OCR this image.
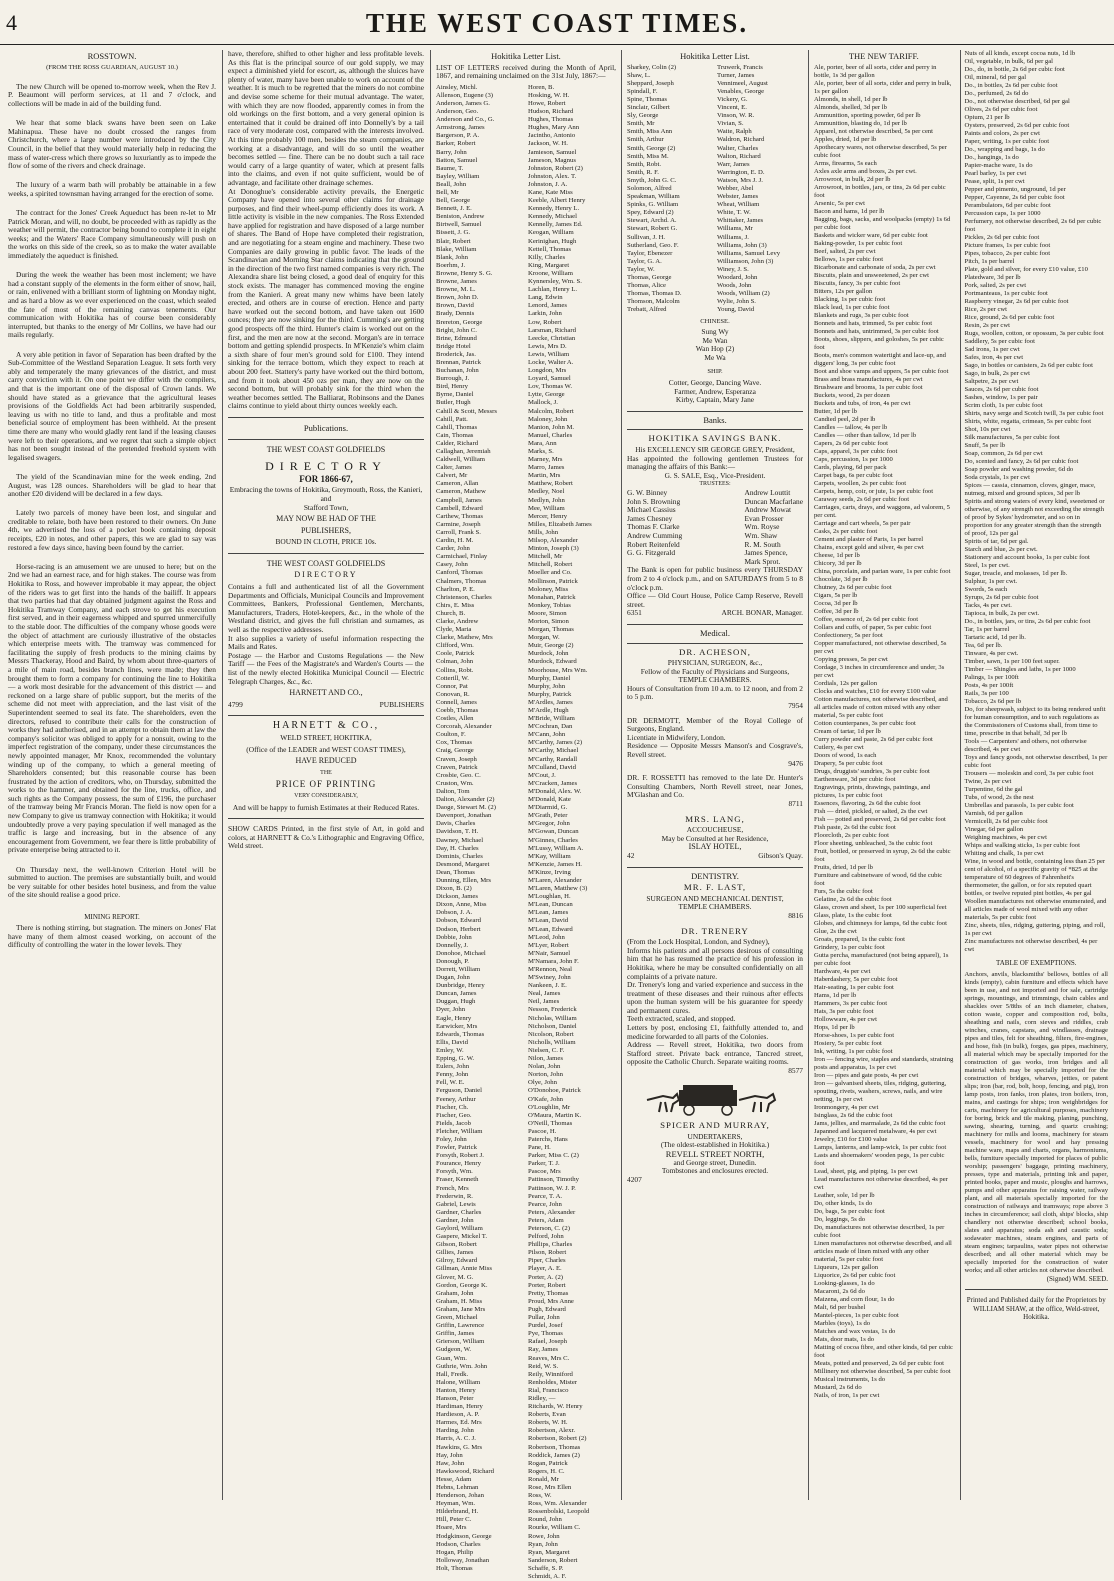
4	THE WEST COAST TIMES.
ROSSTOWN.
(FROM THE ROSS GUARDIAN, AUGUST 10.)

The new Church will be opened to-morrow week, when the Rev J. P. Beaumont will perform services, at 11 and 7 o'clock, and collections will be made in aid of the building fund.

We hear that some black swans have been seen on Lake Mahinapua. These have no doubt crossed the ranges from Christchurch, where a large number were introduced by the City Council, in the belief that they would materially help in reducing the mass of water-cress which there grows so luxuriantly as to impede the flow of some of the rivers and check drainage.

The luxury of a warm bath will probably be attainable in a few weeks, a spirited townsman having arranged for the erection of some.

The contract for the Jones' Creek Aqueduct has been re-let to Mr Patrick Moran, and will, no doubt, be proceeded with as rapidly as the weather will permit, the contractor being bound to complete it in eight weeks; and the Waters' Race Company simultaneously will push on the works on this side of the creek, so as to make the water available immediately the aqueduct is finished.

During the week the weather has been most inclement; we have had a constant supply of the elements in the form either of snow, hail, or rain, enlivened with a brilliant storm of lightning on Monday night, and as hard a blow as we ever experienced on the coast, which sealed the fate of most of the remaining canvas tenements. Our communication with Hokitika has of course been considerably interrupted, but thanks to the energy of Mr Collins, we have had our mails regularly.

A very able petition in favor of Separation has been drafted by the Sub-Committee of the Westland Separation League. It sets forth very ably and temperately the many grievances of the district, and must carry conviction with it. On one point we differ with the compilers, and that is the important one of the disposal of Crown lands. We should have stated as a grievance that the agricultural leases provisions of the Goldfields Act had been arbitrarily suspended, leaving us with no title to land, and thus a profitable and most beneficial source of employment has been withheld. At the present time there are many who would gladly rent land if the leasing clauses were left to their operations, and we regret that such a simple object has not been sought instead of the pretended freehold system with legalised swagers.

The yield of the Scandinavian mine for the week ending, 2nd August, was 128 ounces. Shareholders will be glad to hear that another £20 dividend will be declared in a few days.

Lately two parcels of money have been lost, and singular and creditable to relate, both have been restored to their owners. On June 4th, we advertised the loss of a pocket book containing deposit receipts, £20 in notes, and other papers, this we are glad to say was restored a few days since, having been found by the carrier.

Horse-racing is an amusement we are unused to here; but on the 2nd we had an earnest race, and for high stakes. The course was from Hokitika to Ross, and however improbable it may appear, the object of the riders was to get first into the hands of the bailiff. It appears that two parties had that day obtained judgment against the Ross and Hokitika Tramway Company, and each strove to get his execution first served, and in their eagerness whipped and spurred unmercifully to the stable door. The difficulties of the company whose goods were the object of attachment are curiously illustrative of the obstacles which enterprise meets with. The tramway was commenced for facilitating the supply of fresh products to the mining claims by Messrs Thackeray, Hood and Baird, by whom about three-quarters of a mile of main road, besides branch lines, were made; they then brought them to form a company for continuing the line to Hokitika — a work most desirable for the advancement of this district — and reckoned on a large share of public support, but the merits of the scheme did not meet with appreciation, and the last visit of the Superintendent seemed to seal its fate. The shareholders, even the directors, refused to contribute their calls for the construction of works they had authorised, and in an attempt to obtain them at law the company's solicitor was obliged to apply for a nonsuit, owing to the imperfect registration of the company, under these circumstances the newly appointed manager, Mr Knox, recommended the voluntary winding up of the company, to which a general meeting of Shareholders consented; but this reasonable course has been frustrated by the action of creditors, who, on Thursday, submitted the works to the hammer, and obtained for the line, trucks, office, and such rights as the Company possess, the sum of £196, the purchaser of the tramway being Mr Francis Moran. The field is now open for a new Company to give us tramway connection with Hokitika; it would undoubtedly prove a very paying speculation if well managed as the traffic is large and increasing, but in the absence of any encouragement from Government, we fear there is little probability of private enterprise being attracted to it.

On Thursday next, the well-known Criterion Hotel will be submitted to auction. The premises are substantially built, and would be very suitable for other besides hotel business, and from the value of the site should realise a good price.

MINING REPORT.
There is nothing stirring, but stagnation. The miners on Jones' Flat have many of them almost ceased working, on account of the difficulty of controlling the water in the lower levels. They
have, therefore, shifted to other higher and less profitable levels. As this flat is the principal source of our gold supply, we may expect a diminished yield for escort, as, although the sluices have plenty of water, many have been unable to work on account of the weather. It is much to be regretted that the miners do not combine and devise some scheme for their mutual advantage. The water, with which they are now flooded, apparently comes in from the old workings on the first bottom, and a very general opinion is entertained that it could be drained off into Donnelly's by a tail race of very moderate cost, compared with the interests involved. At this time probably 100 men, besides the steam companies, are working at a disadvantage, and will do so until the weather becomes settled — fine. There can be no doubt such a tail race would carry of a large quantity of water, which at present falls into the claims, and even if not quite sufficient, would be of advantage, and facilitate other drainage schemes.
At Donoghue's considerable activity prevails, the Energetic Company have opened into several other claims for drainage purposes, and find their wheel-pump efficiently does its work. A little activity is visible in the new companies. The Ross Extended have applied for registration and have disposed of a large number of shares. The Band of Hope have completed their registration, and are negotiating for a steam engine and machinery. These two Companies are daily growing in public favor. The leads of the Scandinavian and Morning Star claims indicating that the ground in the direction of the two first named companies is very rich. The Alexandra share list being closed, a good deal of enquiry for this stock exists. The manager has commenced moving the engine from the Kanieri. A great many new whims have been lately erected, and others are in course of erection. Hence and party have worked out the second bottom, and have taken out 1600 ounces; they are now sinking for the third. Cumming's are getting good prospects off the third. Hunter's claim is worked out on the first, and the men are now at the second. Morgan's are in terrace bottom and getting splendid prospects. In M'Kenzie's whim claim a sixth share of four men's ground sold for £100. They intend sinking for the terrace bottom, which they expect to reach at about 200 feet. Stattery's party have worked out the third bottom, and from it took about 450 ozs per man, they are now on the second bottom, but will probably sink for the third when the weather becomes settled. The Balliarat, Robinsons and the Danes claims continue to yield about thirty ounces weekly each.
Publications.
THE WEST COAST GOLDFIELDS
DIRECTORY
FOR 1866-67,
Embracing the towns of Hokitika, Greymouth, Ross, the Kanieri, and
Stafford Town,
MAY NOW BE HAD OF THE
PUBLISHERS,
BOUND IN CLOTH, PRICE 10s.
THE WEST COAST GOLDFIELDS
DIRECTORY
Contains a full and authenticated list of all the Government Departments and Officials, Municipal Councils and Improvement Committees, Bankers, Professional Gentlemen, Merchants, Manufacturers, Traders, Hotel-keepers, &c., in the whole of the Westland district, and gives the full christian and surnames, as well as the respective addresses.
It also supplies a variety of useful information respecting the Mails and Rates.
Postage — the Harbor and Customs Regulations — the New Tariff — the Fees of the Magistrate's and Warden's Courts — the list of the newly elected Hokitika Municipal Council — Electric Telegraph Charges, &c., &c.
HARNETT AND CO.,
4799	PUBLISHERS
HARNETT & CO.,
WELD STREET, HOKITIKA,
(Office of the LEADER and WEST COAST TIMES),
HAVE REDUCED
THE
PRICE OF PRINTING
VERY CONSIDERABLY,
And will be happy to furnish Estimates at their Reduced Rates.
SHOW CARDS Printed, in the first style of Art, in gold and colors, at HARNETT & Co.'s Lithographic and Engraving Office, Weld street.
Hokitika Letter List.
LIST OF LETTERS received during the Month of April, 1867, and remaining unclaimed on the 31st July, 1867:—
Ainsley, Michl.
Allenson, Eugene (3)
Anderson, James G.
Anderson, Geo.
Anderson and Co., G.
Armstrong, James
Bargerson, P. A.
Barker, Robert
Barry, John
Batton, Samuel
Baume, T.
Bayley, William
Beall, John
Bell, Mr
Bell, George
Bennett, J. E.
Beniston, Andrew
Birtwell, Samuel
Bissett, J. G.
Blair, Robert
Blake, William
Blank, John
Boerhm, J.
Browne, Henry S. G.
Browne, James
Browne, M. L.
Brown, John D.
Brown, David
Brady, Dennis
Brereton, George
Bright, John C.
Brine, Edmund
Bridge Hotel
Broderick, Jas.
Brennan, Patrick
Buchanan, John
Burrough, J.
Bird, Henry
Byrne, Daniel
Butler, Hugh
Cahill & Scott, Messrs
Cahill, Patt.
Cahill, Thomas
Cain, Thomas
Calder, Richard
Callaghan, Jeremiah
Caldwell, William
Calter, James
Calvert, Mr
Cameron, Allan
Cameron, Mathew
Campbell, James
Cambell, Edward
Carthew, Thomas
Carmine, Joseph
Carroll, Frank S.
Cardin, H. M.
Carder, John
Carmichael, Finlay
Casey, John
Canford, Thomas
Chalmers, Thomas
Charlton, P. E.
Christenson, Charles
Chirs, E. Miss
Church, B.
Clarke, Andrew
Clyde, Maria
Clarke, Mathew, Mrs
Clifford, Wm.
Coole, Patrick
Colman, John
Collins, Robt.
Cotterill, W.
Connor, Pat
Conovan, R.
Connell, James
Coebb, Thomas
Costles, Allen
Corcorah, Alexander
Coulton, F.
Cox, Thomas
Craig, George
Craven, Joseph
Craven, Patrick
Crosbie, Geo. C.
Cruston, Wm.
Dalton, Tom
Dalton, Alexander (2)
Daoge, Stewart M. (2)
Davenport, Jonathan
Davis, Charles
Davidson, T. H.
Dawney, Michael
Day, H. Charles
Dominis, Charles
Desmond, Margaret
Dean, Thomas
Dunning, Ellen, Mrs
Dixon, B. (2)
Dickson, James
Dixon, Anne, Miss
Dobson, J. A.
Dobson, Edward
Dodson, Herbert
Dobbie, John
Donnelly, J.
Donohoe, Michael
Donough, P.
Dorrett, William
Dugan, John
Dunbridge, Henry
Duncan, James
Duggan, Hugh
Dyer, John
Eagle, Henry
Earwicker, Mrs
Edwards, Thomas
Ellis, David
Emley, W.
Epping, G. W.
Eulers, John
Fenny, John
Fell, W. E.
Ferguson, Daniel
Feeney, Arthur
Fischer, Ch.
Fischer, Geo.
Fields, Jacob
Fletcher, William
Foley, John
Fowler, Patrick
Forsyth, Robert J.
Fourance, Henry
Forsyth, Wm.
Fraser, Kenneth
French, Mrs
Frederwin, R.
Gabriel, Lewis
Gardner, Charles
Gardner, John
Gaylord, William
Gaspere, Mickel T.
Gibson, Robert
Gillies, James
Gilroy, Edward
Gillman, Annie Miss
Glover, M. G.
Gordon, George K.
Graham, John
Graham, H. Miss
Graham, Jane Mrs
Green, Michael
Griffin, Lawrence
Griffin, James
Grierson, William
Gudgeon, W.
Guan, Wm.
Guthrie, Wm. John
Hall, Fredk.
Halone, William
Hanton, Henry
Hanson, Peter
Hardiman, Henry
Hardieson, A. P.
Harmes, Ed. Mrs
Harding, John
Harris, A. C. J.
Hawkins, G. Mrs
Hay, John
Haw, John
Hawkswood, Richard
Hesse, Adam
Hebns, Lehman
Henderson, Johan
Heyman, Wm.
Hilderbrand, H.
Hill, Peter C.
Hoare, Mrs
Hodgkinson, George
Hodson, Charles
Hogan, Philip
Holloway, Jonathan
Holt, Thomas
Horen, B.
Hosking, W. H.
Howe, Robert
Hudson, Richard
Hughes, Thomas
Hughes, Mary Ann
Jacintho, Antonio
Jackson, W. H.
Jamieson, Samuel
Jameson, Magnus
Johnston, Robert (2)
Johnston, Alex. T.
Johnston, J. A.
Kane, Kate Miss
Keeble, Albert Henry
Kennedy, Henry L.
Kennedy, Michael
Kennelly, James Ed.
Keogan, William
Kerinighan, Hugh
Kettell, Thomas
Killy, Charles
King, Margaret
Kroone, William
Kynnersley, Wm. S.
Lachlan, Henry L.
Lang, Edwin
Lenord, James
Larkin, John
Low, Robert
Larsman, Richard
Leecke, Christian
Lewis, Mrs D.
Lewis, William
Locke, Walter A.
Longdon, Mrs
Loyard, Samuel
Lov, Thomas W.
Lytte, George
Mallock, J.
Malcolm, Robert
Maloney, John
Manion, John M.
Manuel, Charles
Mara, Ann
Marks, S.
Marney, Mrs
Marro, James
Martin, Mrs
Matthew, Robert
Medley, Noel
Medlyn, John
Mee, William
Mercer, Henry
Milles, Elizabeth James
Mills, John
Milsop, Alexander
Minton, Joseph (3)
Mitchell, Mr
Mitchell, Robert
Moeller and Co.
Mollinson, Patrick
Moloney, Miss
Monahan, Patrick
Monkey, Tobias
Moore, Simon
Morton, Simon
Morgan, Thomas
Morgan, W.
Muir, George (2)
Murdock, John
Murdock, Edward
Moorhouse, Mrs Wm.
Murphy, Daniel
Murphy, John
Murphy, Patrick
M'Ardles, James
M'Ardle, Hugh
M'Bride, William
M'Cochran, Dan
M'Cann, John
M'Carthy, James (2)
M'Carthy, Michael
M'Carthy, Randall
M'Culland, David
M'Cout, J.
M'Cracken, James
M'Donald, Alex. W.
M'Donald, Kate
M'Diarmid, G.
M'Grath, Peter
M'Gregor, John
M'Gowan, Duncan
M'Ginnes, Charles
M'Lussy, William A.
M'Kay, William
M'Kenzie, James H.
M'Kinze, Irving
M'Laren, Alexander
M'Laren, Matthew (3)
M'Loughlan, H.
M'Lean, Duncan
M'Lean, James
M'Lean, David
M'Lean, Edward
M'Leod, John
M'Lyer, Robert
M'Nair, Samuel
M'Namara, John F.
M'Rennon, Neal
M'Swiney, John
Nankeen, J. E.
Neal, James
Neil, James
Nesson, Frederick
Nicholas, William
Nicholson, Daniel
Nicolson, Robert
Nicholls, William
Nielsen, C. F.
Nilon, James
Nolan, John
Norton, John
Olye, John
O'Donohoe, Patrick
O'Kafe, John
O'Loughlin, Mr
O'Maura, Martin K.
O'Neill, Thomas
Pascoe, H.
Paterchs, Hans
Pane, H.
Parker, Miss C. (2)
Parker, T. J.
Pascoe, Mrs
Pattinson, Timothy
Pattinson, W. J. P.
Pearce, T. A.
Pearce, John
Peters, Alexander
Peters, Adam
Peterson, C. (2)
Pelford, John
Phillips, Charles
Pilson, Robert
Piper, Charles
Player, A. E.
Porter, A. (2)
Porter, Robert
Pretty, Thomas
Proud, Mrs Anne
Pugh, Edward
Pullar, John
Purdel, Josef
Pye, Thomas
Rafael, Joseph
Ray, James
Reaves, Mrs C.
Reid, W. S.
Reily, Winniford
Renholdes, Mister
Rial, Francisco
Ridley, —
Ritchards, W. Henry
Roberts, Evan
Roberts, W. H.
Robertson, Alexr.
Robertson, Robert (2)
Robertson, Thomas
Roddick, James (2)
Rogan, Patrick
Rogers, H. C.
Ronald, Mr
Rose, Mrs Ellen
Ross, W.
Ross, Wm. Alexander
Rossenbolski, Leopold
Round, John
Rourke, William C.
Rowe, John
Ryan, John
Ryan, Margaret
Sanderson, Robert
Schaffe, S. P.
Schmidt, A. F.
Hokitika Letter List.
Sharkey, Colin (2)
Shaw, L.
Sheppard, Joseph
Spindall, F.
Spine, Thomas
Sinclair, Gilbert
Sly, George
Smith, Mr
Smith, Miss Ann
Smith, Arthur
Smith, George (2)
Smith, Miss M.
Smith, Robt.
Smith, R. F.
Smyth, John G. C.
Solomon, Alfred
Speakman, William
Spinks, G. William
Spey, Edward (2)
Stewart, Archd. A.
Stewart, Robert G.
Sullivan, J. H.
Sutherland, Geo. F.
Taylor, Ebenezer
Taylor, G. A.
Taylor, W.
Thomas, George
Thomas, Alice
Thomas, Thomas D.
Thomson, Malcolm
Trebatt, Alfred
Truwerk, Francis
Turner, James
Vennimeel, August
Venables, George
Vickery, G.
Vincent, E.
Vinson, W. R.
Vivian, S.
Waite, Ralph
Waldron, Richard
Walter, Charles
Walton, Richard
Warr, James
Warrington, E. D.
Watson, Mrs J. J.
Webber, Abel
Webster, James
Wheat, William
White, T. W.
Whittaker, James
Williams, Mr
Williams, J.
Williams, John (3)
Williams, Samuel Levy
Williamson, John (3)
Winey, J. S.
Woodard, John
Woods, John
Woods, William (2)
Wylie, John S.
Young, David
CHINESE.
Sung Wy
Me Wan
Wan Hop (2)
Me Wa
SHIP.
Cotter, George, Dancing Wave.
Farmer, Andrew, Esperanza
Kirby, Captain, Mary Jane
Banks.
HOKITIKA SAVINGS BANK.
His EXCELLENCY SIR GEORGE GREY, President,
Has appointed the following gentlemen Trustees for managing the affairs of this Bank:—
G. S. SALE, Esq., Vice-President.
TRUSTEES:
G. W. Binney
John S. Browning
Michael Cassius
James Chesney
Thomas F. Clarke
Andrew Cumming
Robert Reitenfeld
G. G. Fitzgerald
Andrew Louttit
Duncan Macfarlane
Andrew Mowat
Evan Prosser
Wm. Royse
Wm. Shaw
R. M. South
James Spence,
Mark Sprot.
The Bank is open for public business every THURSDAY from 2 to 4 o'clock p.m., and on SATURDAYS from 5 to 8 o'clock p.m.
Office — Old Court House, Police Camp Reserve, Revell street.
6351	ARCH. BONAR, Manager.
Medical.
DR. ACHESON,
PHYSICIAN, SURGEON, &c.,
Fellow of the Faculty of Physicians and Surgeons,
TEMPLE CHAMBERS.
Hours of Consultation from 10 a.m. to 12 noon, and from 2 to 5 p.m.
7954
DR DERMOTT, Member of the Royal College of Surgeons, England.
Licentiate in Midwifery, London.
Residence — Opposite Messrs Manson's and Cosgrave's, Revell street.
9476
DR. F. ROSSETTI has removed to the late Dr. Hunter's Consulting Chambers, North Revell street, near Jones, M'Glashan and Co.
8711
MRS. LANG,
ACCOUCHEUSE,
May be Consulted at her Residence,
ISLAY HOTEL,
42	Gibson's Quay.
DENTISTRY.
MR. F. LAST,
SURGEON AND MECHANICAL DENTIST,
TEMPLE CHAMBERS.
8816
DR. TRENERY
(From the Lock Hospital, London, and Sydney),
Informs his patients and all persons desirous of consulting him that he has resumed the practice of his profession in Hokitika, where he may be consulted confidentially on all complaints of a private nature.
Dr. Trenery's long and varied experience and success in the treatment of these diseases and their ruinous after effects upon the human system will be his guarantee for speedy and permanent cures.
Teeth extracted, scaled, and stopped.
Letters by post, enclosing £1, faithfully attended to, and medicine forwarded to all parts of the Colonies.
Address — Revell street, Hokitika, two doors from Stafford street. Private back entrance, Tancred street, opposite the Catholic Church. Separate waiting rooms.
8577
SPICER AND MURRAY,
UNDERTAKERS,
(The oldest-established in Hokitika.)
REVELL STREET NORTH,
and George street, Dunedin.
Tombstones and enclosures erected.
4207
THE NEW TARIFF.
Ale, porter, beer of all sorts, cider and perry in bottle, 1s 3d per gallon
Ale, porter, beer of all sorts, cider and perry in bulk, 1s per gallon
Almonds, in shell, 1d per lb
Almonds, shelled, 3d per lb
Ammunition, sporting powder, 6d per lb
Ammunition, blasting do, 1d per lb
Apparel, not otherwise described, 5s per cent
Apples, dried, 1d per lb
Apothecary wares, not otherwise described, 5s per cubic foot
Arms, firearms, 5s each
Axles axle arms and boxes, 2s per cwt.
Arrowroot, in bulk, 2d per lb
Arrowroot, in bottles, jars, or tins, 2s 6d per cubic foot
Arsenic, 5s per cwt
Bacon and hams, 1d per lb
Bagging, bags, sacks, and woolpacks (empty) 1s 6d per cubic foot
Baskets and wicker ware, 6d per cubic foot
Baking-powder, 1s per cubic foot
Beef, salted, 2s per cwt
Bellows, 1s per cubic foot
Bicarbonate and carbonate of soda, 2s per cwt
Biscuits, plain and unsweetened, 2s per cwt
Biscuits, fancy, 3s per cubic foot
Bitters, 12s per gallon
Blacking, 1s per cubic foot
Black lead, 1s per cubic foot
Blankets and rugs, 3s per cubic foot
Bonnets and hats, trimmed, 5s per cubic foot
Bonnets and hats, untrimmed, 3s per cubic foot
Boots, shoes, slippers, and goloshes, 5s per cubic foot
Boots, men's common watertight and lace-up, and diggers' long, 3s per cubic foot
Boot and shoe vamps and uppers, 5s per cubic foot
Brass and brass manufactures, 4s per cwt
Brushware and brooms, 1s per cubic foot
Buckets, wood, 2s per dozen
Buckets and tubs, of iron, 4s per cwt
Butter, 1d per lb
Candied peel, 2d per lb
Candles — tallow, 4s per lb
Candles — other than tallow, 1d per lb
Capers, 2s 6d per cubic foot
Caps, apparel, 3s per cubic foot
Caps, percussion, 1s per 1000
Cards, playing, 6d per pack
Carpet bags, 6s per cubic foot
Carpets, woollen, 2s per cubic foot
Carpets, hemp, coir, or jute, 1s per cubic foot
Caraway seeds, 2s 6d per cubic foot
Carriages, carts, drays, and waggons, ad valorem, 5 per cent.
Carriage and cart wheels, 5s per pair
Casks, 2s per cubic foot
Cement and plaster of Paris, 1s per barrel
Chains, except gold and silver, 4s per cwt
Cheese, 1d per lb
Chicory, 3d per lb
China, porcelain, and parian ware, 1s per cubic foot
Chocolate, 3d per lb
Chutney, 2s 6d per cubic foot
Cigars, 5s per lb
Cocoa, 3d per lb
Coffee, 3d per lb
Coffee, essence of, 2s 6d per cubic foot
Collars and cuffs, of paper, 5s per cubic foot
Confectionery, 5s per foot
Copper manufactured, not otherwise described, 5s per cwt
Copying presses, 5s per cwt
Cordage, 3 inches in circumference and under, 3s per cwt
Cordials, 12s per gallon
Clocks and watches, £10 for every £100 value
Cotton manufactures, not otherwise described, and all articles made of cotton mixed with any other material, 5s per cubic foot
Cotton counterpanes, 3s per cubic foot
Cream of tartar, 1d per lb
Curry powder and paste, 2s 6d per cubic foot
Cutlery, 4s per cwt
Doors of wood, 1s each
Drapery, 5s per cubic foot
Drugs, druggists' sundries, 3s per cubic foot
Earthenware, 3d per cubic foot
Engravings, prints, drawings, paintings, and pictures, 1s per cubic foot
Essences, flavoring, 2s 6d the cubic foot
Fish — dried, pickled, or salted, 2s the cwt
Fish — potted and preserved, 2s 6d per cubic foot
Fish paste, 2s 6d the cubic foot
Floorcloth, 2s per cubic foot
Floor sheeting, unbleached, 3s the cubic foot
Fruit, bottled, or preserved in syrup, 2s 6d the cubic foot
Fruits, dried, 1d per lb
Furniture and cabinetware of wood, 6d the cubic foot
Furs, 5s the cubic foot
Gelatine, 2s 6d the cubic foot
Glass, crown and sheet, 1s per 100 superficial feet
Glass, plate, 1s the cubic foot
Globes, and chimneys for lamps, 6d the cubic foot
Glue, 2s the cwt
Groats, prepared, 1s the cubic foot
Grindery, 1s per cubic foot
Gutta percha, manufactured (not being apparel), 1s per cubic foot
Hardware, 4s per cwt
Haberdashery, 5s per cubic foot
Hair-seating, 1s per cubic foot
Hams, 1d per lb
Hammers, 3s per cubic foot
Hats, 3s per cubic foot
Hollowware, 4s per cwt
Hops, 1d per lb
Horse-shoes, 1s per cubic foot
Hosiery, 5s per cubic foot
Ink, writing, 1s per cubic foot
Iron — fencing wire, staples and standards, straining posts and apparatus, 1s per cwt
Iron — pipes and gate posts, 4s per cwt
Iron — galvanised sheets, tiles, ridging, guttering, spouting, rivets, washers, screws, nails, and wire netting, 1s per cwt
Ironmongery, 4s per cwt
Isinglass, 2s 6d the cubic foot
Jams, jellies, and marmalade, 2s 6d the cubic foot
Japanned and lacquered metalware, 4s per cwt
Jewelry, £10 for £100 value
Lamps, lanterns, and lamp-wick, 1s per cubic foot
Lasts and shoemakers' wooden pegs, 1s per cubic foot
Lead, sheet, pig, and piping, 1s per cwt
Lead manufactures not otherwise described, 4s per cwt
Leather, sole, 1d per lb
Do, other kinds, 1s do
Do, bags, 5s per cubic foot
Do, leggings, 5s do
Do, manufactures not otherwise described, 1s per cubic foot
Linen manufactures not otherwise described, and all articles made of linen mixed with any other material, 5s per cubic foot
Liqueurs, 12s per gallon
Liquorice, 2s 6d per cubic foot
Looking-glasses, 1s do
Macaroni, 2s 6d do
Maizena, and corn flour, 1s do
Malt, 6d per bushel
Mantel-pieces, 1s per cubic foot
Marbles (toys), 1s do
Matches and wax vestas, 1s do
Mats, door mats, 1s do
Matting of cocoa fibre, and other kinds, 6d per cubic foot
Meats, potted and preserved, 2s 6d per cubic foot
Millinery not otherwise described, 5s per cubic foot
Musical instruments, 1s do
Mustard, 2s 6d do
Nails, of iron, 1s per cwt
Nuts of all kinds, except cocoa nuts, 1d lb
Oil, vegetable, in bulk, 6d per gal
Do., do, in bottle, 2s 6d per cubic foot
Oil, mineral, 6d per gal
Do., in bottles, 2s 6d per cubic foot
Do., perfumed, 2s 6d do
Do., not otherwise described, 6d per gal
Olives, 2s 6d per cubic foot
Opium, 21 per lb
Oysters, preserved, 2s 6d per cubic foot
Paints and colors, 2s per cwt
Paper, writing, 1s per cubic foot
Do., wrapping and bags, 1s do
Do., hangings, 1s do
Papier-mache ware, 1s do
Pearl barley, 1s per cwt
Pease, split, 1s per cwt
Pepper and pimento, unground, 1d per
Pepper, Cayenne, 2s 6d per cubic foot
Perambulators, 6d per cubic foot
Percussion caps, 1s per 1000
Perfumery, not otherwise described, 2s 6d per cubic foot
Pickles, 2s 6d per cubic foot
Picture frames, 1s per cubic foot
Pipes, tobacco, 2s per cubic foot
Pitch, 1s per barrel
Plate, gold and silver, for every £10 value, £10
Platedware, 3d per lb
Pork, salted, 2s per cwt
Portmanteaus, 1s per cubic foot
Raspberry vinegar, 2s 6d per cubic foot
Rice, 2s per cwt
Rice, ground, 2s 6d per cubic foot
Resin, 2s per cwt
Rugs, woollen, cotton, or opossum, 3s per cubic foot
Saddlery, 5s per cubic foot
Sad irons, 1s per cwt
Safes, iron, 4s per cwt
Sago, in bottles or canisters, 2s 6d per cubic foot
Sago, in bulk, 2s per cwt
Saltpetre, 2s per cwt
Sauces, 2s 6d per cubic foot
Sashes, window, 1s per pair
Scrim cloth, 1s per cubic foot
Shirts, navy serge and Scotch twill, 3s per cubic foot
Shirts, white, regatta, crimean, 5s per cubic foot
Shot, 10s per cwt
Silk manufactures, 5s per cubic foot
Snuff, 5s per lb
Soap, common, 2s 6d per cwt
Do, scented and fancy, 2s 6d per cubic foot
Soap powder and washing powder, 6d do
Soda crystals, 1s per cwt
Spices — cassia, cinnamon, cloves, ginger, mace, nutmeg, mixed and ground spices, 3d per lb
Spirits and strong waters of every kind, sweetened or otherwise, of any strength not exceeding the strength of proof by Sykes' hydrometer, and so on in proportion for any greater strength than the strength of proof, 12s per gal
Spirits of tar, 6d per gal.
Starch and blue, 2s per cwt.
Stationery and account books, 1s per cubic foot
Steel, 1s per cwt.
Sugar, treacle, and molasses, 1d per lb.
Sulphur, 1s per cwt.
Swords, 5s each
Syrups, 2s 6d per cubic foot
Tacks, 4s per cwt.
Tapioca, in bulk, 2s per cwt.
Do., in bottles, jars, or tins, 2s 6d per cubic foot
Tar, 1s per barrel
Tartaric acid, 1d per lb.
Tea, 6d per lb.
Tinware, 4s per cwt.
Timber, sawn, 1s per 100 feet super.
Timber — Shingles and laths, 1s per 1000
Palings, 1s per 100ft
Posts, 4s per 100ft
Rails, 3s per 100
Tobacco, 2s 6d per lb
Do, for sheepwash, subject to its being rendered unfit for human consumption, and to such regulations as the Commissioners of Customs shall, from time to time, prescribe in that behalf, 3d per lb
Tools — Carpenters' and others, not otherwise described, 4s per cwt
Toys and fancy goods, not otherwise described, 1s per cubic foot
Trousers — moleskin and cord, 3s per cubic foot
Twine, 2s per cwt
Turpentine, 6d the gal
Tubs, of wood, 2s the nest
Umbrellas and parasols, 1s per cubic foot
Varnish, 6d per gallon
Vermicelli, 2s 6d per cubic foot
Vinegar, 6d per gallon
Weighing machines, 4s per cwt
Whips and walking sticks, 1s per cubic foot
Whiting and chalk, 1s per cwt
Wine, in wood and bottle, containing less than 25 per cent of alcohol, of a specific gravity of *825 at the temperature of 60 degrees of Fahrenheit's thermometer, the gallon, or for six reputed quart bottles, or twelve reputed pint bottles, 4s per gal
Woollen manufactures not otherwise enumerated, and all articles made of wool mixed with any other materials, 5s per cubic foot
Zinc, sheets, tiles, ridging, guttering, piping, and roll, 1s per cwt
Zinc manufactures not otherwise described, 4s per cwt
TABLE OF EXEMPTIONS.
Anchors, anvils, blacksmiths' bellows, bottles of all kinds (empty), cabin furniture and effects which have been in use, and not imported and for sale, cartridge springs, mountings, and trimmings, chain cables and shackles over 5/8ths of an inch diameter, chaises, cotton waste, copper and composition rod, bolts, sheathing and nails, corn sieves and riddles, crab winches, cranes, capstans, and windlasses, drainage pipes and tiles, felt for sheathing, filters, fire-engines, and hose, fish (in bulk), forges, gas pipes, machinery, all material which may be specially imported for the construction of gas works, iron bridges and all material which may be specially imported for the construction of bridges, wharves, jetties, or patent slips; iron (bar, rod, bolt, hoop, fencing, and pig), iron lamp posts, iron fanks, iron plates, iron boilers, iron, mains, and castings for ships; iron weighbridges for carts, machinery for agricultural purposes, machinery for boring, brick and tile making, planing, punching, sawing, shearing, turning, and quartz crushing; machinery for mills and looms, machinery for steam vessels, machinery for wool and hay pressing machine ware, maps and charts, organs, harmoniums, bells, furniture specially imported for places of public worship; passengers' baggage, printing machinery, presses, type and materials, printing ink and paper, printed books, paper and music, ploughs and harrows, pumps and other apparatus for raising water, railway plant, and all materials specially imported for the construction of railways and tramways; rope above 3 inches in circumference; sail cloth, ships' blocks, ship chandlery not otherwise described; school books, slates and apparatus; soda ash and caustic soda; sodawater machines, steam engines, and parts of steam engines; tarpaulins, water pipes not otherwise described; and all other material which may be specially imported for the construction of water works; and all other articles not otherwise described.
(Signed) WM. SEED.
Printed and Published daily for the Proprietors by WILLIAM SHAW, at the office, Weld-street, Hokitika.
